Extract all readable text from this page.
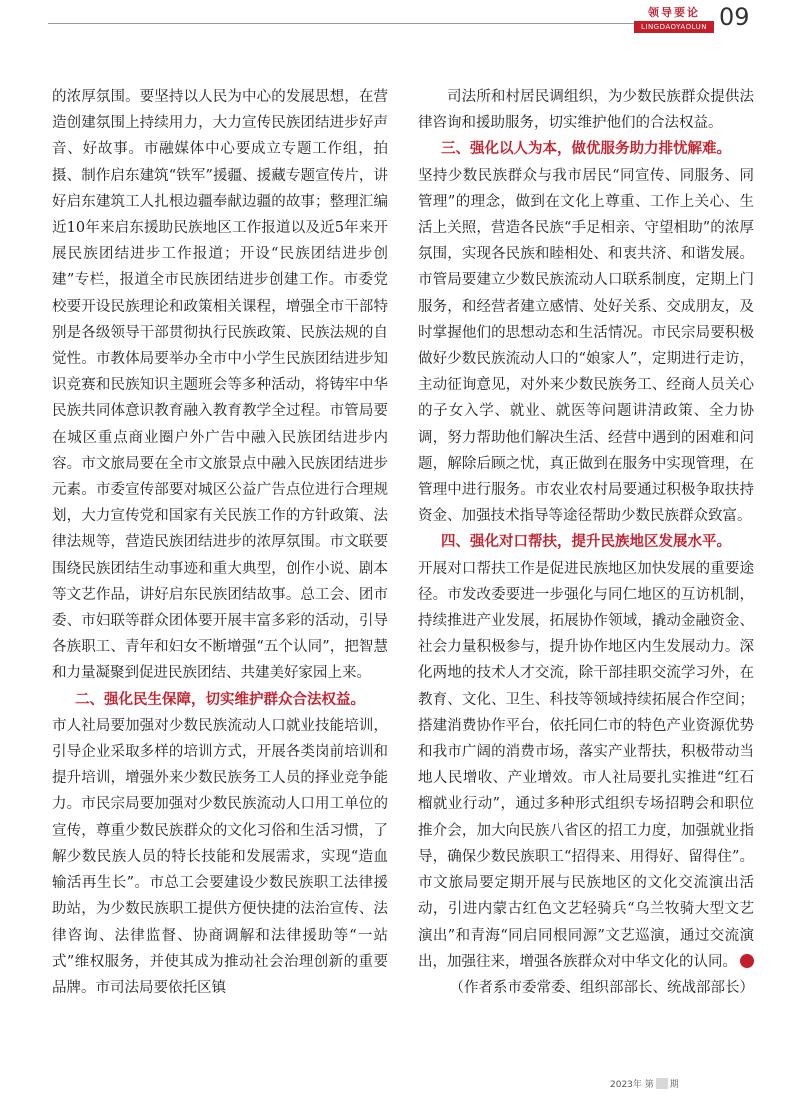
领导要论
LINGDAOYAOLUN 09

的浓厚氛围。要坚持以人民为中心的发展思想，在营造创建氛围上持续用力，大力宣传民族团结进步好声音、好故事。市融媒体中心要成立专题工作组，拍摄、制作启东建筑“铁军”援疆、援藏专题宣传片，讲好启东建筑工人扎根边疆奉献边疆的故事；整理汇编近10年来启东援助民族地区工作报道以及近5年来开展民族团结进步工作报道；开设“民族团结进步创建”专栏，报道全市民族团结进步创建工作。市委党校要开设民族理论和政策相关课程，增强全市干部特别是各级领导干部贯彻执行民族政策、民族法规的自觉性。市教体局要举办全市中小学生民族团结进步知识竞赛和民族知识主题班会等多种活动，将铸牢中华民族共同体意识教育融入教育教学全过程。市管局要在城区重点商业圈户外广告中融入民族团结进步内容。市文旅局要在全市文旅景点中融入民族团结进步元素。市委宣传部要对城区公益广告点位进行合理规划，大力宣传党和国家有关民族工作的方针政策、法律法规等，营造民族团结进步的浓厚氛围。市文联要围绕民族团结生动事迹和重大典型，创作小说、剧本等文艺作品，讲好启东民族团结故事。总工会、团市委、市妇联等群众团体要开展丰富多彩的活动，引导各族职工、青年和妇女不断增强“五个认同”，把智慧和力量凝聚到促进民族团结、共建美好家园上来。

二、强化民生保障，切实维护群众合法权益。

市人社局要加强对少数民族流动人口就业技能培训，引导企业采取多样的培训方式，开展各类岗前培训和提升培训，增强外来少数民族务工人员的择业竞争能力。市民宗局要加强对少数民族流动人口用工单位的宣传，尊重少数民族群众的文化习俗和生活习惯，了解少数民族人员的特长技能和发展需求，实现“造血输活再生长”。市总工会要建设少数民族职工法律援助站，为少数民族职工提供方便快捷的法治宣传、法律咨询、法律监督、协商调解和法律援助等“一站式”维权服务，并使其成为推动社会治理创新的重要品牌。市司法局要依托区镇

司法所和村居民调组织，为少数民族群众提供法律咨询和援助服务，切实维护他们的合法权益。

三、强化以人为本，做优服务助力排忧解难。

坚持少数民族群众与我市居民“同宣传、同服务、同管理”的理念，做到在文化上尊重、工作上关心、生活上关照，营造各民族“手足相亲、守望相助”的浓厚氛围，实现各民族和睦相处、和衷共济、和谐发展。市管局要建立少数民族流动人口联系制度，定期上门服务，和经营者建立感情、处好关系、交成朋友，及时掌握他们的思想动态和生活情况。市民宗局要积极做好少数民族流动人口的“娘家人”，定期进行走访，主动征询意见，对外来少数民族务工、经商人员关心的子女入学、就业、就医等问题讲清政策、全力协调，努力帮助他们解决生活、经营中遇到的困难和问题，解除后顾之忧，真正做到在服务中实现管理，在管理中进行服务。市农业农村局要通过积极争取扶持资金、加强技术指导等途径帮助少数民族群众致富。

四、强化对口帮扶，提升民族地区发展水平。

开展对口帮扶工作是促进民族地区加快发展的重要途径。市发改委要进一步强化与同仁地区的互访机制，持续推进产业发展，拓展协作领域，撬动金融资金、社会力量积极参与，提升协作地区内生发展动力。深化两地的技术人才交流，除干部挂职交流学习外，在教育、文化、卫生、科技等领域持续拓展合作空间；搭建消费协作平台，依托同仁市的特色产业资源优势和我市广阔的消费市场，落实产业帮扶，积极带动当地人民增收、产业增效。市人社局要扎实推进“红石榴就业行动”，通过多种形式组织专场招聘会和职位推介会，加大向民族八省区的招工力度，加强就业指导，确保少数民族职工“招得来、用得好、留得住”。市文旅局要定期开展与民族地区的文化交流演出活动，引进内蒙古红色文艺轻骑兵“乌兰牧骑大型文艺演出”和青海“同启同根同源”文艺巡演，通过交流演出，加强往来，增强各族群众对中华文化的认同。

（作者系市委常委、组织部部长、统战部部长）

2023年 第 期
